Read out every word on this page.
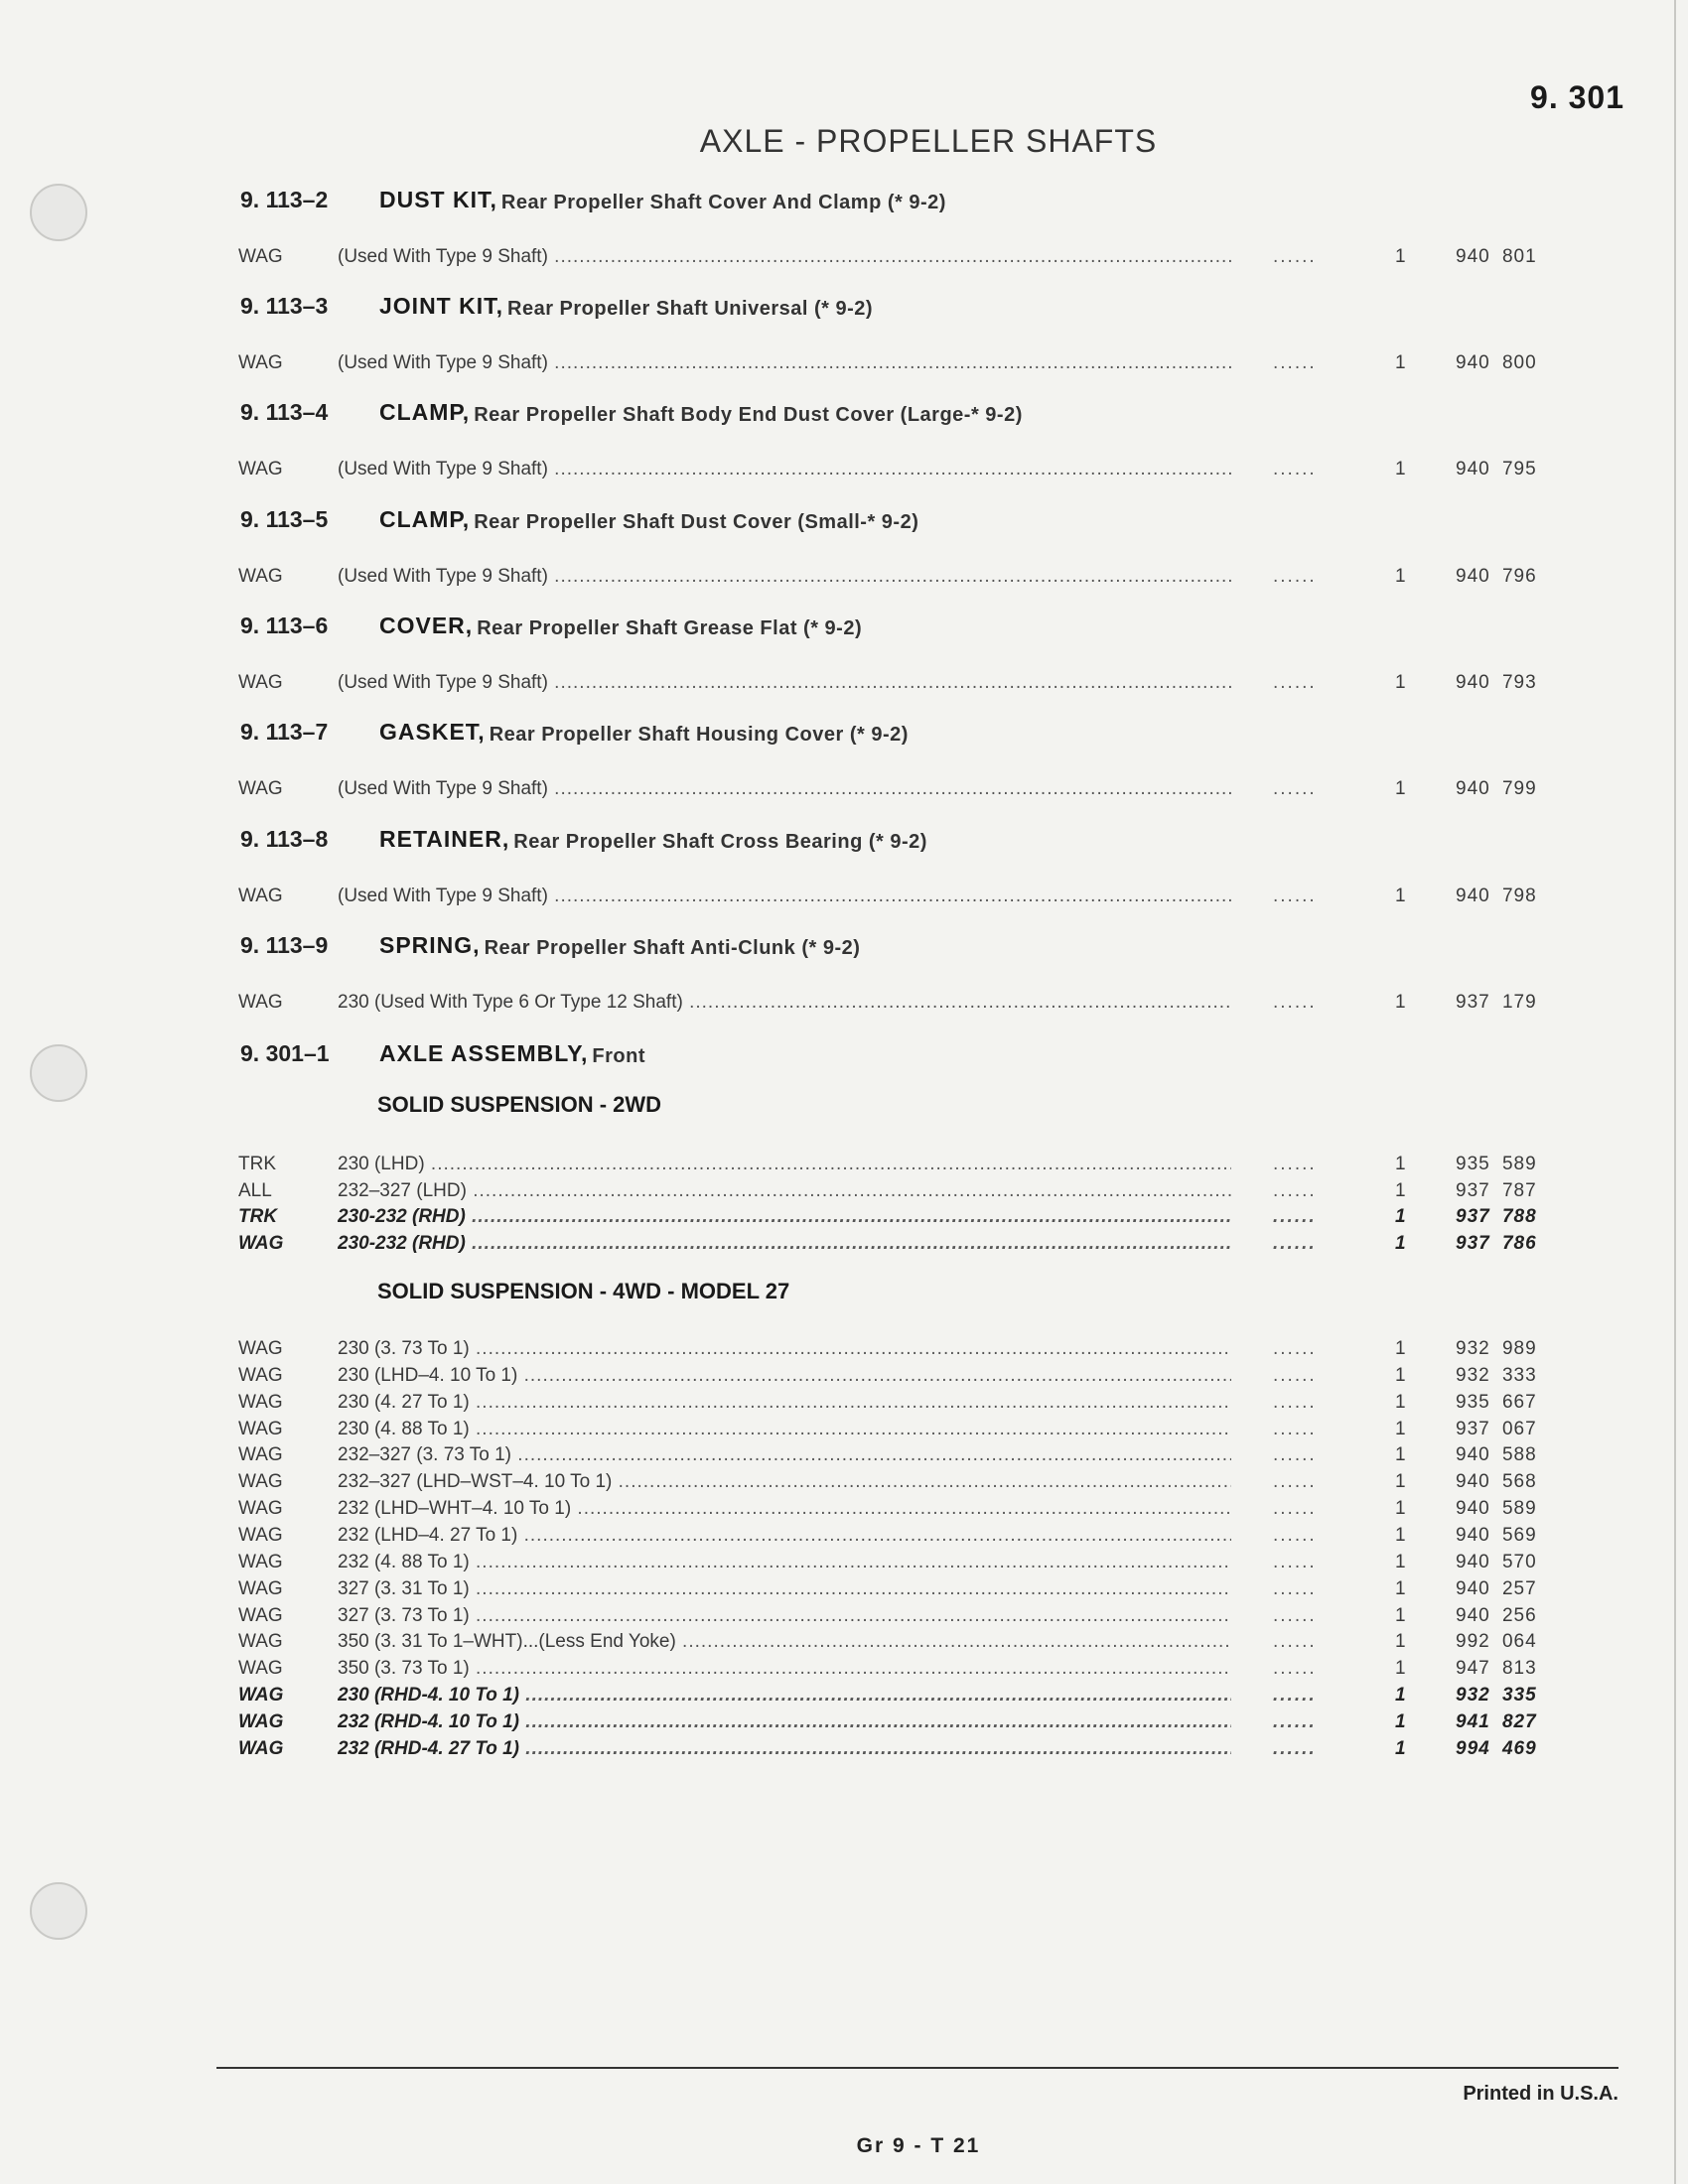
9. 301
AXLE - PROPELLER SHAFTS
9. 113–2 DUST KIT, Rear Propeller Shaft Cover And Clamp (* 9-2)
WAG	(Used With Type 9 Shaft) .....	......	1	940 801
9. 113–3 JOINT KIT, Rear Propeller Shaft Universal (* 9-2)
WAG	(Used With Type 9 Shaft) .....	......	1	940 800
9. 113–4 CLAMP, Rear Propeller Shaft Body End Dust Cover (Large-* 9-2)
WAG	(Used With Type 9 Shaft) .....	......	1	940 795
9. 113–5 CLAMP, Rear Propeller Shaft Dust Cover (Small-* 9-2)
WAG	(Used With Type 9 Shaft) .....	......	1	940 796
9. 113–6 COVER, Rear Propeller Shaft Grease Flat (* 9-2)
WAG	(Used With Type 9 Shaft) .....	......	1	940 793
9. 113–7 GASKET, Rear Propeller Shaft Housing Cover (* 9-2)
WAG	(Used With Type 9 Shaft) .....	......	1	940 799
9. 113–8 RETAINER, Rear Propeller Shaft Cross Bearing (* 9-2)
WAG	(Used With Type 9 Shaft) .....	......	1	940 798
9. 113–9 SPRING, Rear Propeller Shaft Anti-Clunk (* 9-2)
WAG	230 (Used With Type 6 Or Type 12 Shaft) .....	......	1	937 179
9. 301–1 AXLE ASSEMBLY, Front
SOLID SUSPENSION - 2WD
TRK	230 (LHD) .....	......	1	935 589
ALL	232–327 (LHD) .....	......	1	937 787
TRK	230-232 (RHD) .....	......	1	937 788
WAG	230-232 (RHD) .....	......	1	937 786
SOLID SUSPENSION - 4WD - MODEL 27
WAG	230 (3. 73 To 1) .....	......	1	932 989
WAG	230 (LHD–4. 10 To 1) .....	......	1	932 333
WAG	230 (4. 27 To 1) .....	......	1	935 667
WAG	230 (4. 88 To 1) .....	......	1	937 067
WAG	232–327 (3. 73 To 1) .....	......	1	940 588
WAG	232–327 (LHD–WST–4. 10 To 1) .....	......	1	940 568
WAG	232 (LHD–WHT–4. 10 To 1) .....	......	1	940 589
WAG	232 (LHD–4. 27 To 1) .....	......	1	940 569
WAG	232 (4. 88 To 1) .....	......	1	940 570
WAG	327 (3. 31 To 1) .....	......	1	940 257
WAG	327 (3. 73 To 1) .....	......	1	940 256
WAG	350 (3. 31 To 1–WHT)...(Less End Yoke) .....	......	1	992 064
WAG	350 (3. 73 To 1) .....	......	1	947 813
WAG	230 (RHD-4. 10 To 1) .....	......	1	932 335
WAG	232 (RHD-4. 10 To 1) .....	......	1	941 827
WAG	232 (RHD-4. 27 To 1) .....	......	1	994 469
Printed in U.S.A.
Gr 9 - T 21
